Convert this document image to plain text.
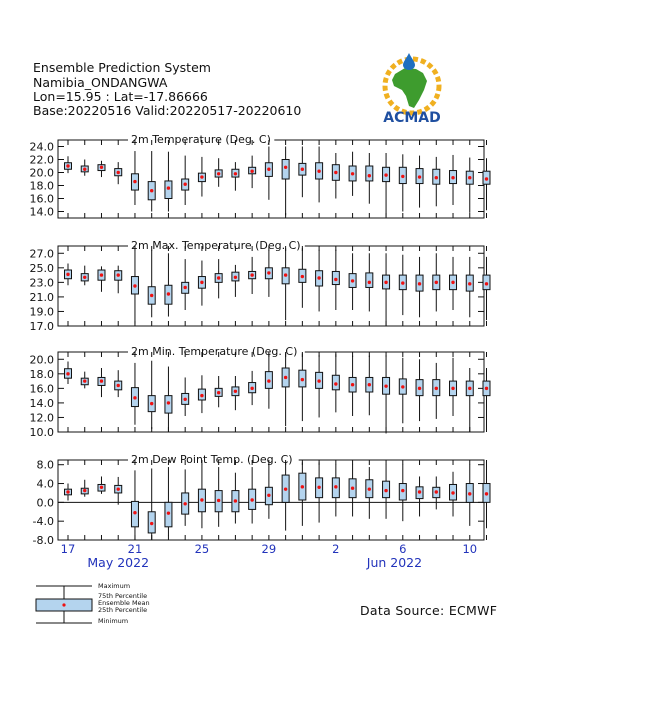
2m Temperature (Deg. C)
14.0
16.0
18.0
20.0
22.0
24.0
2m Max. Temperature (Deg. C)
17.0
19.0
21.0
23.0
25.0
27.0
2m Min. Temperature (Deg. C)
10.0
12.0
14.0
16.0
18.0
20.0
2m Dew Point Temp. (Deg. C)
-8.0
-4.0
0.0
4.0
8.0
17	21	25	29	2	6	10
May 2022	Jun 2022
Ensemble Prediction System
Namibia_ONDANGWA
Lon=15.95 : Lat=-17.86666
Base:20220516 Valid:20220517-20220610	ACMAD
Maximum
75th Percentile
Ensemble Mean
25th Percentile
Minimum
Data Source: ECMWF
